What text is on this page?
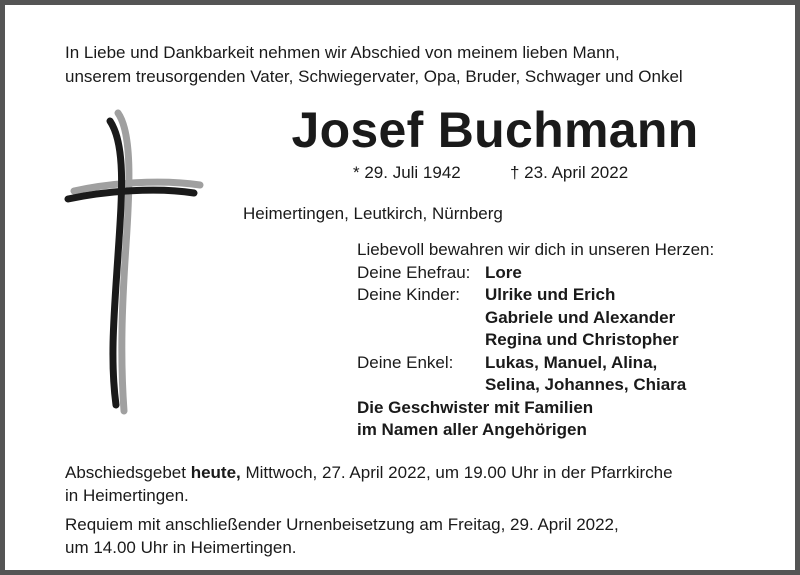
In Liebe und Dankbarkeit nehmen wir Abschied von meinem lieben Mann,
unserem treusorgenden Vater, Schwiegervater, Opa, Bruder, Schwager und Onkel
Josef Buchmann
* 29. Juli 1942	† 23. April 2022
Heimertingen, Leutkirch, Nürnberg
Liebevoll bewahren wir dich in unseren Herzen:
Deine Ehefrau: Lore
Deine Kinder:	Ulrike und Erich
Gabriele und Alexander
Regina und Christopher
Deine Enkel:	Lukas, Manuel, Alina,
Selina, Johannes, Chiara
Die Geschwister mit Familien
im Namen aller Angehörigen
Abschiedsgebet heute, Mittwoch, 27. April 2022, um 19.00 Uhr in der Pfarrkirche
in Heimertingen.
Requiem mit anschließender Urnenbeisetzung am Freitag, 29. April 2022,
um 14.00 Uhr in Heimertingen.
